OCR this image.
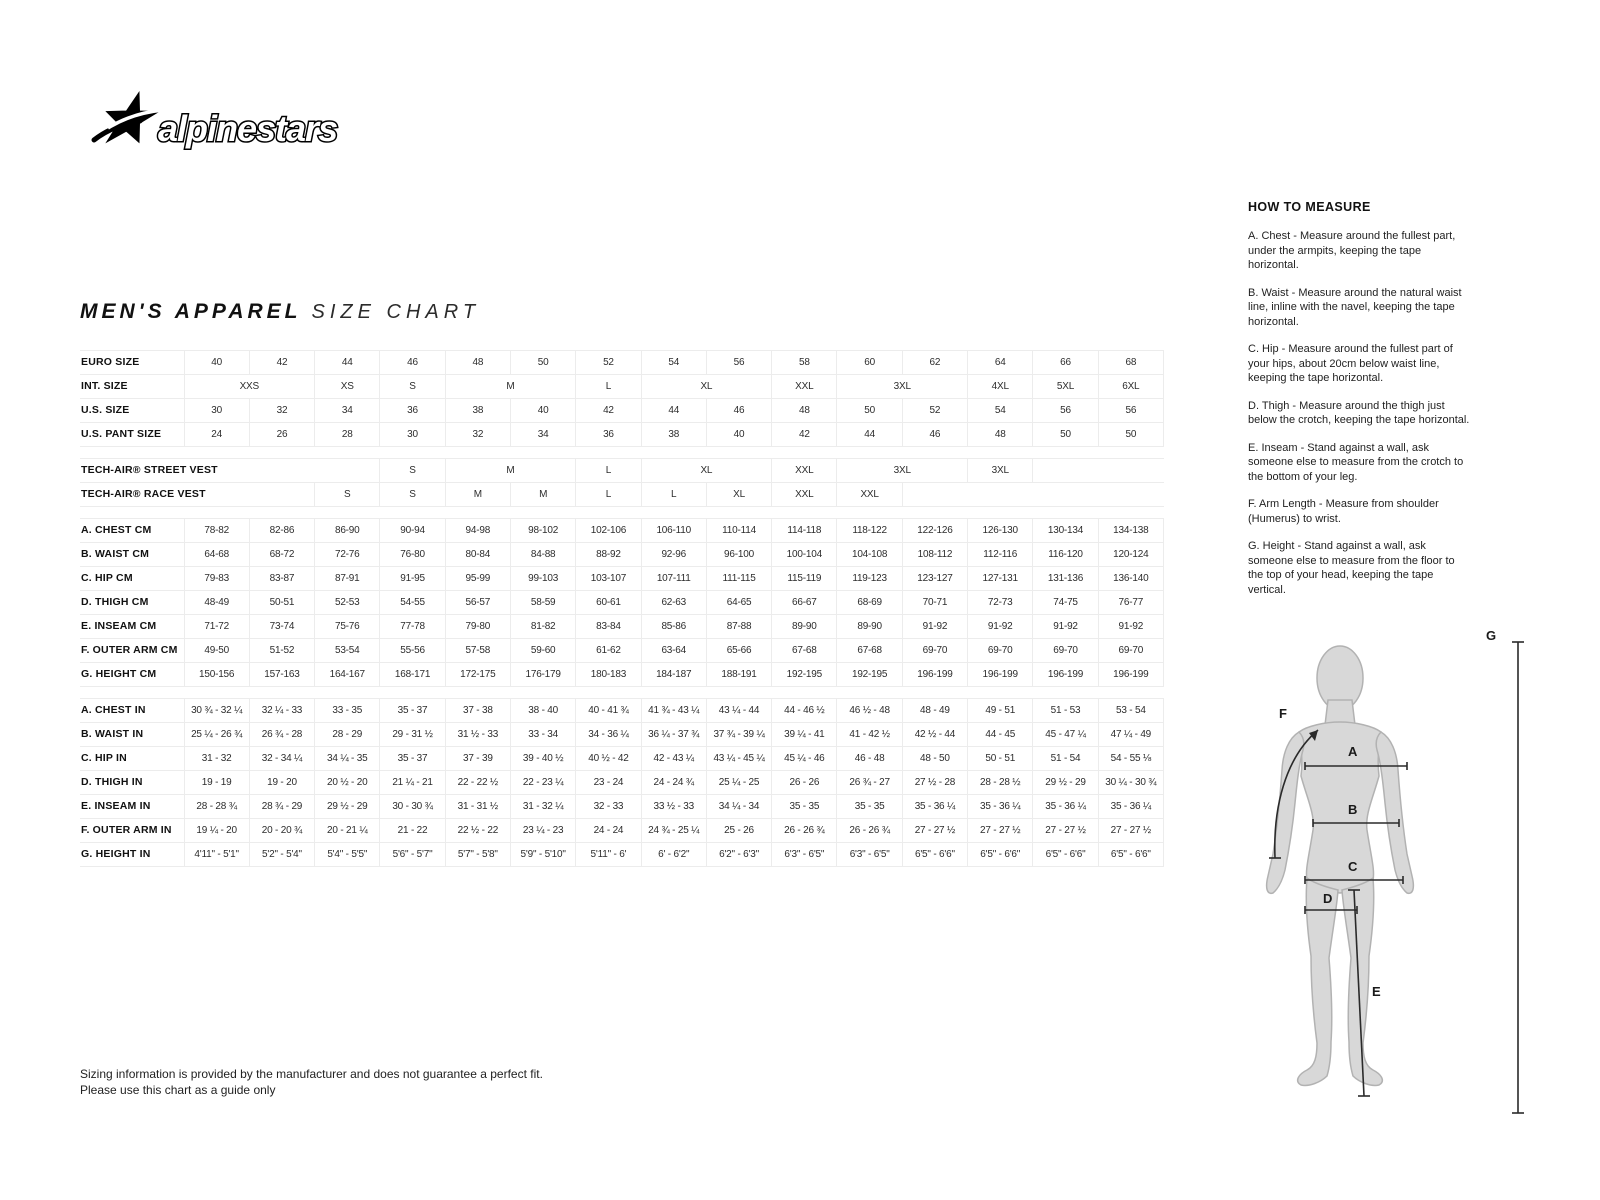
alpinestars
MEN'S APPAREL SIZE CHART
EURO SIZE	40	42	44	46	48	50	52	54	56	58	60	62	64	66	68
INT. SIZE	XXS		XS	S	M		L	XL		XXL	3XL		4XL	5XL	6XL
U.S. SIZE	30	32	34	36	38	40	42	44	46	48	50	52	54	56	56
U.S. PANT SIZE	24	26	28	30	32	34	36	38	40	42	44	46	48	50	50

TECH-AIR® STREET VEST				S	M		L	XL		XXL	3XL		3XL		
TECH-AIR® RACE VEST			S	S	M	M	L	L	XL	XXL	XXL				

A. CHEST CM	78-82	82-86	86-90	90-94	94-98	98-102	102-106	106-110	110-114	114-118	118-122	122-126	126-130	130-134	134-138
B. WAIST CM	64-68	68-72	72-76	76-80	80-84	84-88	88-92	92-96	96-100	100-104	104-108	108-112	112-116	116-120	120-124
C. HIP CM	79-83	83-87	87-91	91-95	95-99	99-103	103-107	107-111	111-115	115-119	119-123	123-127	127-131	131-136	136-140
D. THIGH CM	48-49	50-51	52-53	54-55	56-57	58-59	60-61	62-63	64-65	66-67	68-69	70-71	72-73	74-75	76-77
E. INSEAM CM	71-72	73-74	75-76	77-78	79-80	81-82	83-84	85-86	87-88	89-90	89-90	91-92	91-92	91-92	91-92
F. OUTER ARM CM	49-50	51-52	53-54	55-56	57-58	59-60	61-62	63-64	65-66	67-68	67-68	69-70	69-70	69-70	69-70
G. HEIGHT CM	150-156	157-163	164-167	168-171	172-175	176-179	180-183	184-187	188-191	192-195	192-195	196-199	196-199	196-199	196-199

A. CHEST IN	30 ¾ - 32 ¼	32 ¼ - 33	33 - 35	35 - 37	37 - 38	38 - 40	40 - 41 ¾	41 ¾ - 43 ¼	43 ¼ - 44	44 - 46 ½	46 ½ - 48	48 - 49	49 - 51	51 - 53	53 - 54
B. WAIST IN	25 ¼ - 26 ¾	26 ¾ - 28	28 - 29	29 - 31 ½	31 ½ - 33	33 - 34	34 - 36 ¼	36 ¼ - 37 ¾	37 ¾ - 39 ¼	39 ¼ - 41	41 - 42 ½	42 ½ - 44	44 - 45	45 - 47 ¼	47 ¼ - 49
C. HIP IN	31 - 32	32 - 34 ¼	34 ¼ - 35	35 - 37	37 - 39	39 - 40 ½	40 ½ - 42	42 - 43 ¼	43 ¼ - 45 ¼	45 ¼ - 46	46 - 48	48 - 50	50 - 51	51 - 54	54 - 55 ⅛
D. THIGH IN	19 - 19	19 - 20	20 ½ - 20	21 ¼ - 21	22 - 22 ½	22 - 23 ¼	23 - 24	24 - 24 ¾	25 ¼ - 25	26 - 26	26 ¾ - 27	27 ½ - 28	28 - 28 ½	29 ½ - 29	30 ¼ - 30 ¾
E. INSEAM IN	28 - 28 ¾	28 ¾ - 29	29 ½ - 29	30 - 30 ¾	31 - 31 ½	31 - 32 ¼	32 - 33	33 ½ - 33	34 ¼ - 34	35 - 35	35 - 35	35 - 36 ¼	35 - 36 ¼	35 - 36 ¼	35 - 36 ¼
F. OUTER ARM IN	19 ¼ - 20	20 - 20 ¾	20 - 21 ¼	21 - 22	22 ½ - 22	23 ¼ - 23	24 - 24	24 ¾ - 25 ¼	25 - 26	26 - 26 ¾	26 - 26 ¾	27 - 27 ½	27 - 27 ½	27 - 27 ½	27 - 27 ½
G. HEIGHT IN	4'11" - 5'1"	5'2" - 5'4"	5'4" - 5'5"	5'6" - 5'7"	5'7" - 5'8"	5'9" - 5'10"	5'11" - 6'	6' - 6'2"	6'2" - 6'3"	6'3" - 6'5"	6'3" - 6'5"	6'5" - 6'6"	6'5" - 6'6"	6'5" - 6'6"	6'5" - 6'6"
HOW TO MEASURE

A. Chest - Measure around the fullest part, under the armpits, keeping the tape horizontal.

B. Waist - Measure around the natural waist line, inline with the navel, keeping the tape horizontal.

C. Hip - Measure around the fullest part of your hips, about 20cm below waist line, keeping the tape horizontal.

D. Thigh - Measure around the thigh just below the crotch, keeping the tape horizontal.

E. Inseam - Stand against a wall, ask someone else to measure from the crotch to the bottom of your leg.

F. Arm Length - Measure from shoulder (Humerus) to wrist.

G. Height - Stand against a wall, ask someone else to measure from the floor to the top of your head, keeping the tape vertical.

A
B
C
D
E
F
G
Sizing information is provided by the manufacturer and does not guarantee a perfect fit.
Please use this chart as a guide only
